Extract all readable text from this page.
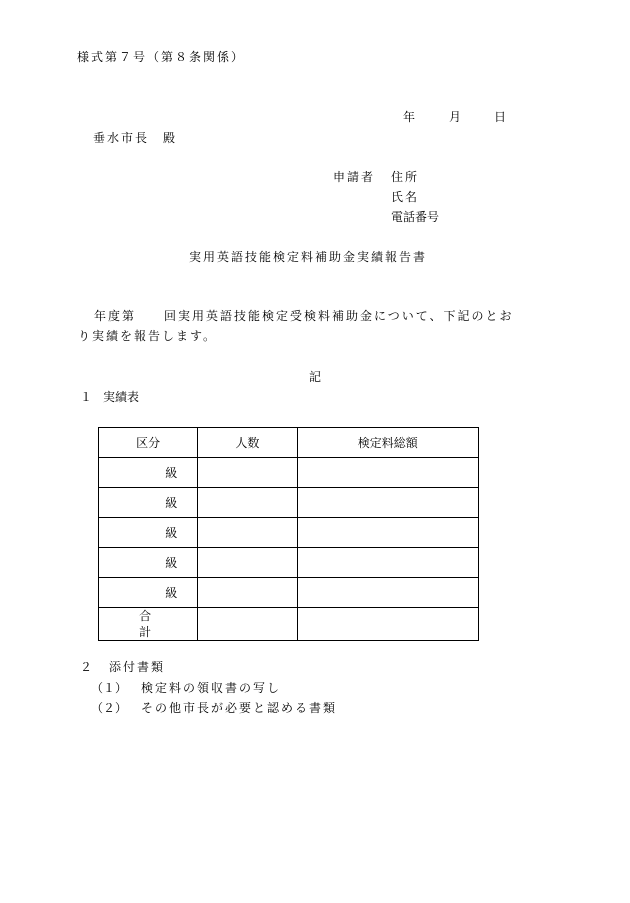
様式第７号（第８条関係）
年	月	日
垂水市長　殿
申請者 住所
氏名
電話番号
実用英語技能検定料補助金実績報告書
年度第　　回実用英語技能検定受検料補助金について、下記のとお
り実績を報告します。
記
１ 実績表
区分	人数	検定料総額
級		
級		
級		
級		
級		
合　計		
２ 添付書類
（１） 検定料の領収書の写し
（２） その他市長が必要と認める書類
